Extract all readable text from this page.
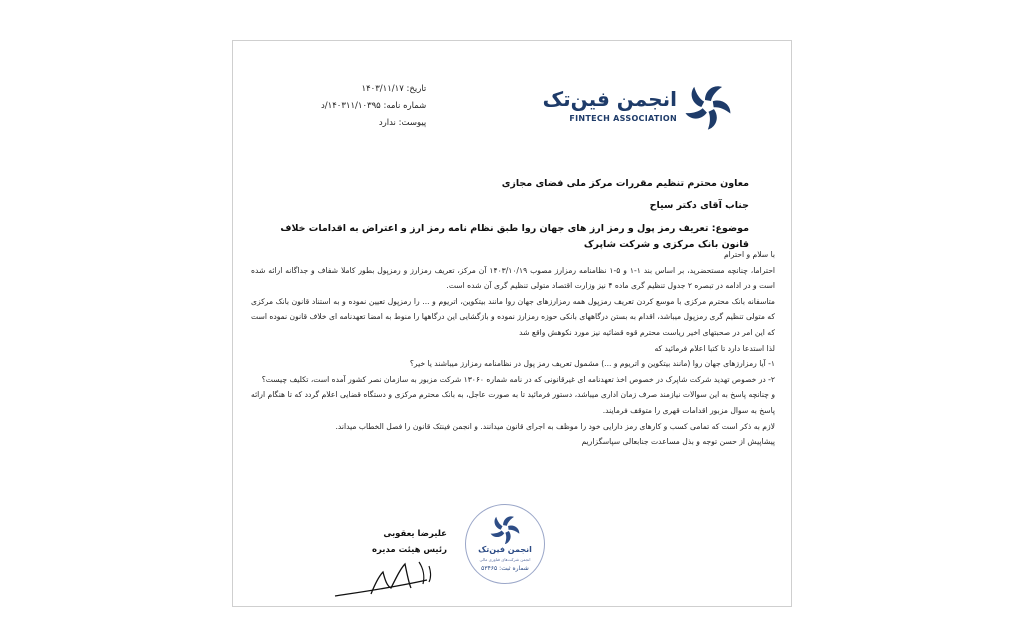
انجمن فین‌تک
FINTECH ASSOCIATION
تاریخ: ۱۴۰۳/۱۱/۱۷
شماره نامه: ۱۴۰۳۱۱/۱۰۳۹۵/د
پیوست: ندارد
معاون محترم تنظیم مقررات مرکز ملی فضای مجازی
جناب آقای دکتر سیاح
موضوع: تعریف رمز پول و رمز ارز های جهان روا طبق نظام نامه رمز ارز و اعتراض به اقدامات خلاف قانون بانک مرکزی و شرکت شاپرک

با سلام و احترام

احتراما، چنانچه مستحضرید، بر اساس بند ۱-۱ و ۵-۱ نظامنامه رمزارز مصوب ۱۴۰۳/۱۰/۱۹ آن مرکز، تعریف رمزارز و رمزپول بطور کاملا شفاف و جداگانه ارائه شده است و در ادامه در تبصره ۲ جدول تنظیم گری ماده ۴ نیز وزارت اقتصاد متولی تنظیم گری آن شده است.

متاسفانه بانک محترم مرکزی با موسع کردن تعریف رمزپول همه رمزارزهای جهان روا مانند بیتکوین، اتریوم و ... را رمزپول تعیین نموده و به استناد قانون بانک مرکزی که متولی تنظیم گری رمزپول میباشد، اقدام به بستن درگاههای بانکی حوزه رمزارز نموده و بازگشایی این درگاهها را منوط به امضا تعهدنامه ای خلاف قانون نموده است که این امر در صحبتهای اخیر ریاست محترم قوه قضائیه نیز مورد نکوهش واقع شد

لذا استدعا دارد تا کتبا اعلام فرمائید که

۱- آیا رمزارزهای جهان روا (مانند بیتکوین و اتریوم و ...) مشمول تعریف رمز پول در نظامنامه رمزارز میباشند یا خیر؟

۲- در خصوص تهدید شرکت شاپرک در خصوص اخذ تعهدنامه ای غیرقانونی که در نامه شماره ۱۳۰۶۰ شرکت مزبور به سازمان نصر کشور آمده است، تکلیف چیست؟

و چنانچه پاسخ به این سوالات نیازمند صرف زمان اداری میباشد، دستور فرمائید تا به صورت عاجل، به بانک محترم مرکزی و دستگاه قضایی اعلام گردد که تا هنگام ارائه پاسخ به سوال مزبور اقدامات قهری را متوقف فرمایند.

لازم به ذکر است که تمامی کسب و کارهای رمز دارایی خود را موظف به اجرای قانون میدانند. و انجمن فینتک قانون را فصل الخطاب میداند.

پیشاپیش از حسن توجه و بذل مساعدت جنابعالی سپاسگزاریم

انجمن فین‌تک
انجمن شرکت‌های فناوری مالی
شماره ثبت: ۵۳۴۶۵
علیرضا یعقوبی
رئیس هیئت مدیره
